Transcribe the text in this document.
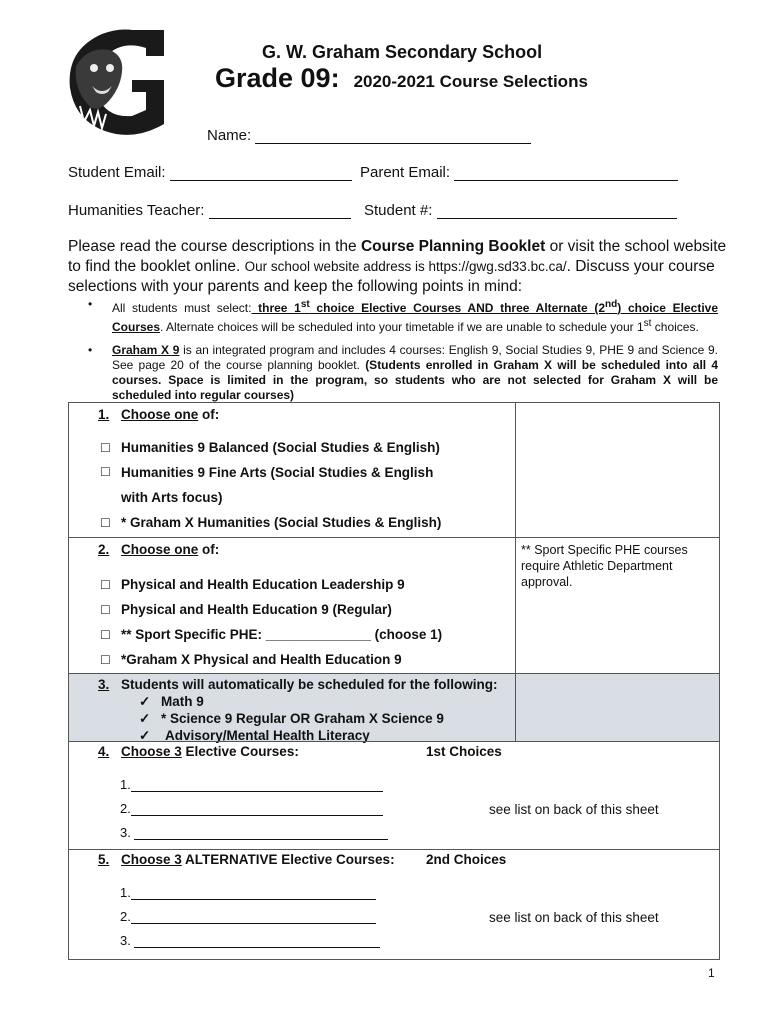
G. W. Graham Secondary School
Grade 09: 2020-2021 Course Selections
Name:
Student Email:	Parent Email:
Humanities Teacher:	Student #:
Please read the course descriptions in the Course Planning Booklet or visit the school website to find the booklet online. Our school website address is https://gwg.sd33.bc.ca/. Discuss your course selections with your parents and keep the following points in mind:
• All students must select: three 1st choice Elective Courses AND three Alternate (2nd) choice Elective Courses. Alternate choices will be scheduled into your timetable if we are unable to schedule your 1st choices.
• Graham X 9 is an integrated program and includes 4 courses: English 9, Social Studies 9, PHE 9 and Science 9. See page 20 of the course planning booklet. (Students enrolled in Graham X will be scheduled into all 4 courses. Space is limited in the program, so students who are not selected for Graham X will be scheduled into regular courses)
1. Choose one of:
☐ Humanities 9 Balanced (Social Studies & English)
☐ Humanities 9 Fine Arts (Social Studies & English
with Arts focus)
☐ * Graham X Humanities (Social Studies & English)
2. Choose one of:	** Sport Specific PHE courses require Athletic Department approval.
☐ Physical and Health Education Leadership 9
☐ Physical and Health Education 9 (Regular)
☐ ** Sport Specific PHE: ______________ (choose 1)
☐ *Graham X Physical and Health Education 9
3. Students will automatically be scheduled for the following:
✓ Math 9
✓ * Science 9 Regular OR Graham X Science 9
✓ Advisory/Mental Health Literacy
4. Choose 3 Elective Courses:	1st Choices
1.
2.	see list on back of this sheet
3.
5. Choose 3 ALTERNATIVE Elective Courses: 2nd Choices
1.
2.	see list on back of this sheet
3.
1
